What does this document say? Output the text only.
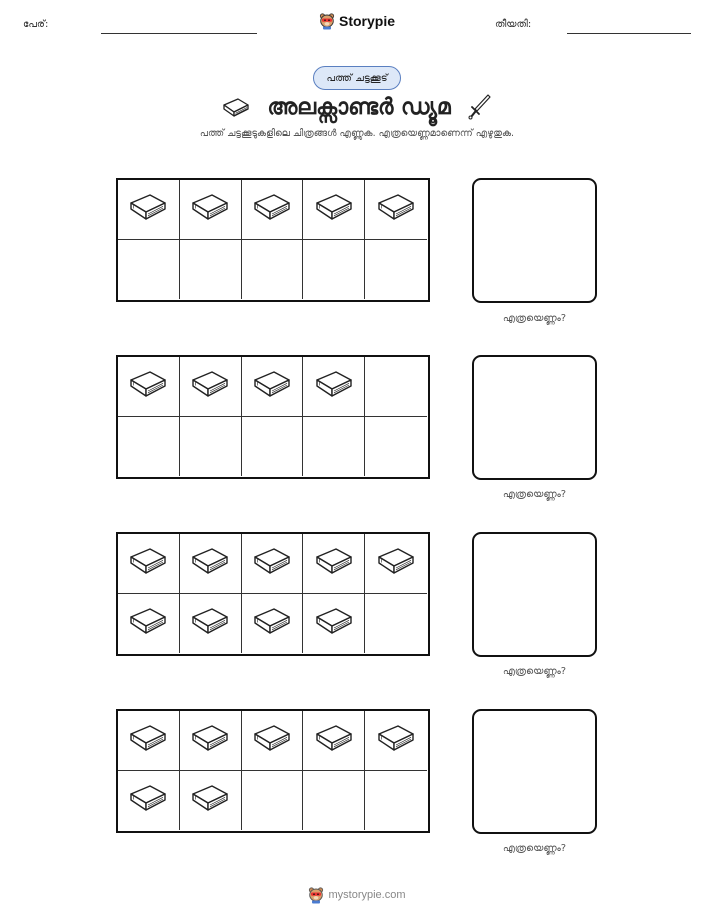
പേര്:	Storypie	തീയതി:
പത്ത് ചട്ടക്കൂട്
അലക്സാണ്ടർ ഡ്യൂമ
പത്ത് ചട്ടക്കൂടുകളിലെ ചിത്രങ്ങൾ എണ്ണുക. എത്രയെണ്ണമാണെന്ന് എഴുതുക.
എത്രയെണ്ണം?
എത്രയെണ്ണം?
എത്രയെണ്ണം?
എത്രയെണ്ണം?
mystorypie.com
